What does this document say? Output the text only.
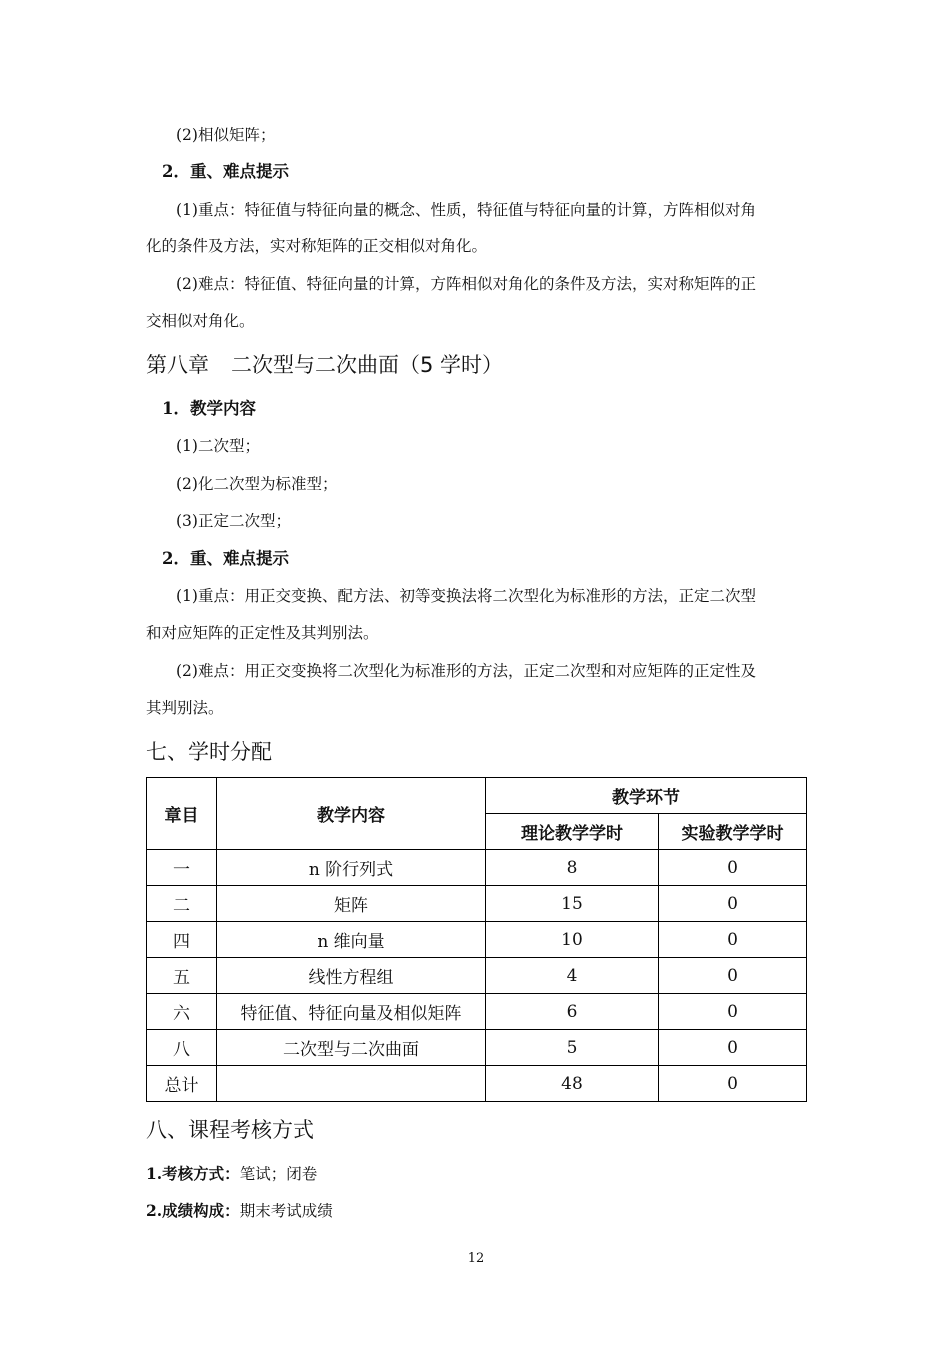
(2)相似矩阵；
2．重、难点提示
(1)重点：特征值与特征向量的概念、性质，特征值与特征向量的计算，方阵相似对角
化的条件及方法，实对称矩阵的正交相似对角化。
(2)难点：特征值、特征向量的计算，方阵相似对角化的条件及方法，实对称矩阵的正
交相似对角化。
第八章 二次型与二次曲面（5 学时）
1．教学内容
(1)二次型；
(2)化二次型为标准型；
(3)正定二次型；
2．重、难点提示
(1)重点：用正交变换、配方法、初等变换法将二次型化为标准形的方法，正定二次型
和对应矩阵的正定性及其判别法。
(2)难点：用正交变换将二次型化为标准形的方法，正定二次型和对应矩阵的正定性及
其判别法。
七、学时分配
章目	教学内容	教学环节	
		理论教学学时	实验教学学时
一	n 阶行列式	8	0
二	矩阵	15	0
四	n 维向量	10	0
五	线性方程组	4	0
六	特征值、特征向量及相似矩阵	6	0
八	二次型与二次曲面	5	0
总计		48	0
八、课程考核方式
1.考核方式：笔试；闭卷
2.成绩构成：期末考试成绩
12
